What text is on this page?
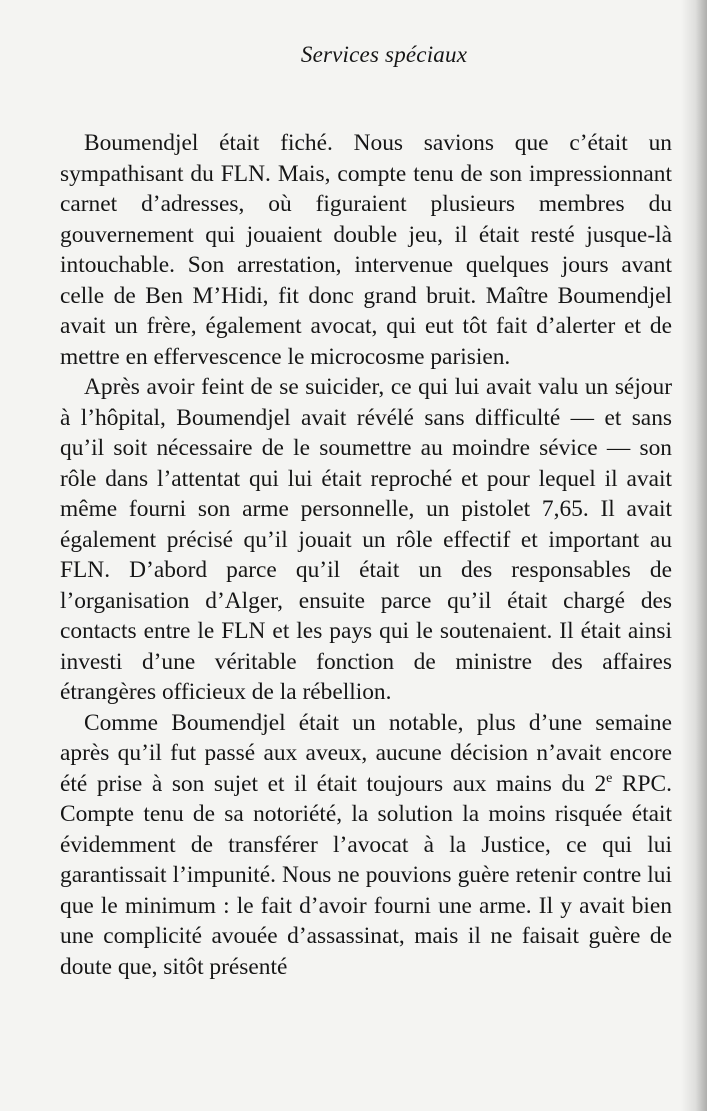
Services spéciaux

Boumendjel était fiché. Nous savions que c’était un sympathisant du FLN. Mais, compte tenu de son impressionnant carnet d’adresses, où figuraient plusieurs membres du gouvernement qui jouaient double jeu, il était resté jusque-là intouchable. Son arrestation, intervenue quelques jours avant celle de Ben M’Hidi, fit donc grand bruit. Maître Boumendjel avait un frère, également avocat, qui eut tôt fait d’alerter et de mettre en effervescence le microcosme parisien.

Après avoir feint de se suicider, ce qui lui avait valu un séjour à l’hôpital, Boumendjel avait révélé sans difficulté — et sans qu’il soit nécessaire de le soumettre au moindre sévice — son rôle dans l’attentat qui lui était reproché et pour lequel il avait même fourni son arme personnelle, un pistolet 7,65. Il avait également précisé qu’il jouait un rôle effectif et important au FLN. D’abord parce qu’il était un des responsables de l’organisation d’Alger, ensuite parce qu’il était chargé des contacts entre le FLN et les pays qui le soutenaient. Il était ainsi investi d’une véritable fonction de ministre des affaires étrangères officieux de la rébellion.

Comme Boumendjel était un notable, plus d’une semaine après qu’il fut passé aux aveux, aucune décision n’avait encore été prise à son sujet et il était toujours aux mains du 2e RPC. Compte tenu de sa notoriété, la solution la moins risquée était évidemment de transférer l’avocat à la Justice, ce qui lui garantissait l’impunité. Nous ne pouvions guère retenir contre lui que le minimum : le fait d’avoir fourni une arme. Il y avait bien une complicité avouée d’assassinat, mais il ne faisait guère de doute que, sitôt présenté
